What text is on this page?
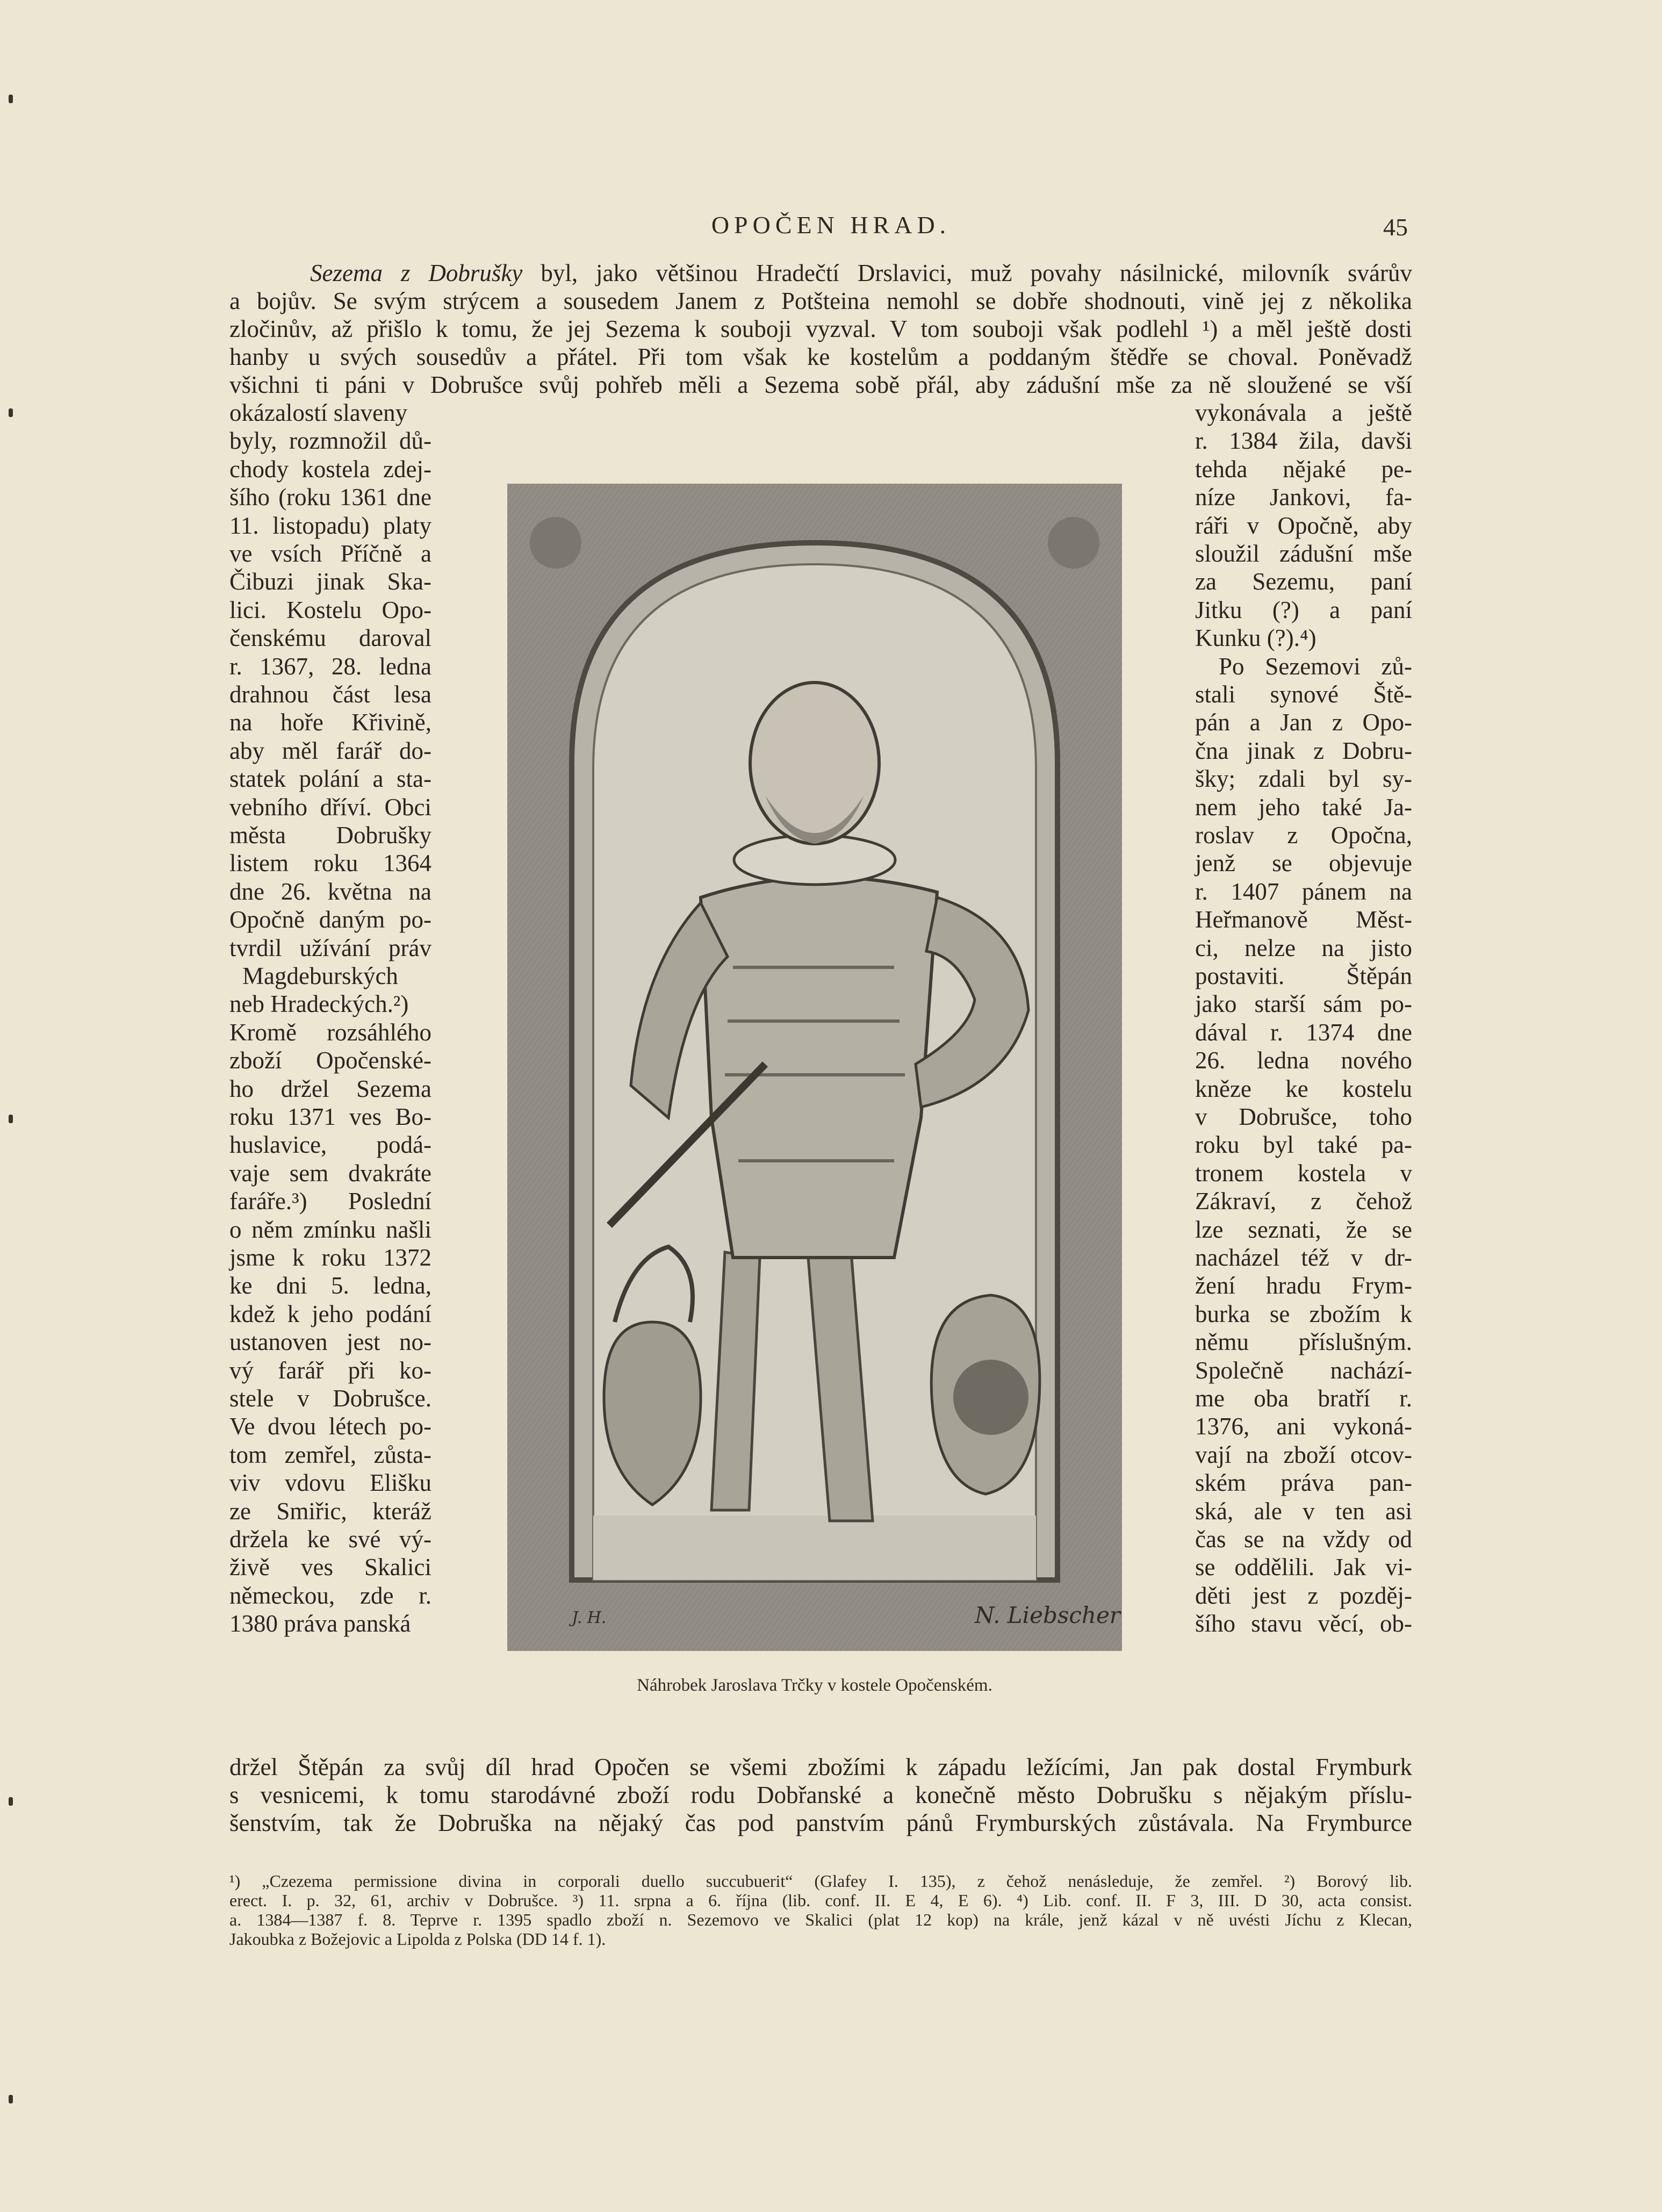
OPOČEN HRAD.	45
Sezema z Dobrušky byl, jako většinou Hradečtí Drslavici, muž povahy násilnické, milovník svárův
a bojův. Se svým strýcem a sousedem Janem z Potšteina nemohl se dobře shodnouti, vině jej z několika
zločinův, až přišlo k tomu, že jej Sezema k souboji vyzval. V tom souboji však podlehl ¹) a měl ještě dosti
hanby u svých sousedův a přátel. Při tom však ke kostelům a poddaným štědře se choval. Poněvadž
všichni ti páni v Dobrušce svůj pohřeb měli a Sezema sobě přál, aby zádušní mše za ně sloužené se vší
okázalostí slaveny
byly, rozmnožil dů-
chody kostela zdej-
šího (roku 1361 dne
11. listopadu) platy
ve vsích Příčně a
Čibuzi jinak Ska-
lici. Kostelu Opo-
čenskému daroval
r. 1367, 28. ledna
drahnou část lesa
na hoře Křivině,
aby měl farář do-
statek polání a sta-
vebního dříví. Obci
města Dobrušky
listem roku 1364
dne 26. května na
Opočně daným po-
tvrdil užívání práv
Magdeburských
neb Hradeckých.²)
Kromě rozsáhlého
zboží Opočenské-
ho držel Sezema
roku 1371 ves Bo-
huslavice, podá-
vaje sem dvakráte
faráře.³) Poslední
o něm zmínku našli
jsme k roku 1372
ke dni 5. ledna,
kdež k jeho podání
ustanoven jest no-
vý farář při ko-
stele v Dobrušce.
Ve dvou létech po-
tom zemřel, zůsta-
viv vdovu Elišku
ze Smiřic, kteráž
držela ke své vý-
živě ves Skalici
německou, zde r.
1380 práva panská
vykonávala a ještě
r. 1384 žila, davši
tehda nějaké pe-
níze Jankovi, fa-
ráři v Opočně, aby
sloužil zádušní mše
za Sezemu, paní
Jitku (?) a paní
Kunku (?).⁴)
Po Sezemovi zů-
stali synové Ště-
pán a Jan z Opo-
čna jinak z Dobru-
šky; zdali byl sy-
nem jeho také Ja-
roslav z Opočna,
jenž se objevuje
r. 1407 pánem na
Heřmanově Měst-
ci, nelze na jisto
postaviti. Štěpán
jako starší sám po-
dával r. 1374 dne
26. ledna nového
kněze ke kostelu
v Dobrušce, toho
roku byl také pa-
tronem kostela v
Zákraví, z čehož
lze seznati, že se
nacházel též v dr-
žení hradu Frym-
burka se zbožím k
němu příslušným.
Společně nachází-
me oba bratří r.
1376, ani vykoná-
vají na zboží otcov-
ském práva pan-
ská, ale v ten asi
čas se na vždy od
se oddělili. Jak vi-
děti jest z pozděj-
šího stavu věcí, ob-
N. Liebscher
J. H.
Náhrobek Jaroslava Trčky v kostele Opočenském.
držel Štěpán za svůj díl hrad Opočen se všemi zbožími k západu ležícími, Jan pak dostal Frymburk
s vesnicemi, k tomu starodávné zboží rodu Dobřanské a konečně město Dobrušku s nějakým příslu-
šenstvím, tak že Dobruška na nějaký čas pod panstvím pánů Frymburských zůstávala. Na Frymburce
¹) „Czezema permissione divina in corporali duello succubuerit“ (Glafey I. 135), z čehož nenásleduje, že zemřel. ²) Borový lib.
erect. I. p. 32, 61, archiv v Dobrušce. ³) 11. srpna a 6. října (lib. conf. II. E 4, E 6). ⁴) Lib. conf. II. F 3, III. D 30, acta consist.
a. 1384—1387 f. 8. Teprve r. 1395 spadlo zboží n. Sezemovo ve Skalici (plat 12 kop) na krále, jenž kázal v ně uvésti Jíchu z Klecan,
Jakoubka z Božejovic a Lipolda z Polska (DD 14 f. 1).
